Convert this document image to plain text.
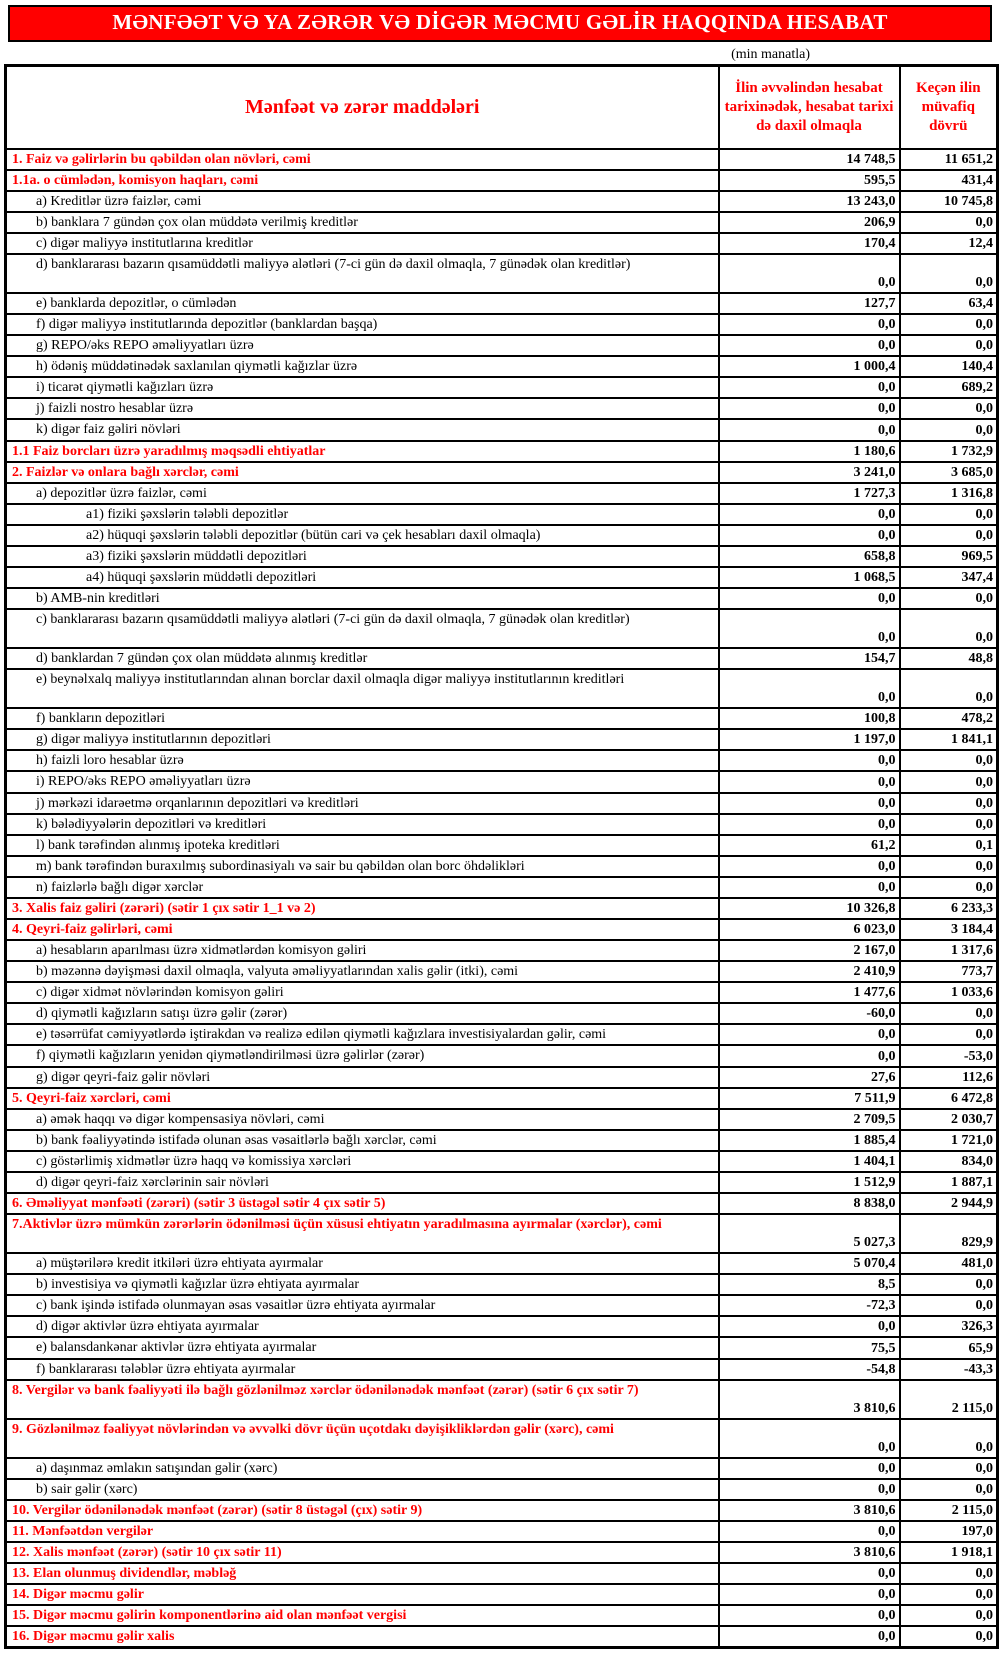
MƏNFƏƏT VƏ YA ZƏRƏR VƏ DİGƏR MƏCMU GƏLİR HAQQINDA HESABAT
(min manatla)
Mənfəət və zərər maddələri	İlin əvvəlindən hesabat tarixinədək, hesabat tarixi də daxil olmaqla	Keçən ilin müvafiq dövrü
1. Faiz və gəlirlərin bu qəbildən olan növləri, cəmi	14 748,5	11 651,2
1.1a. o cümlədən, komisyon haqları, cəmi	595,5	431,4
a) Kreditlər üzrə faizlər, cəmi	13 243,0	10 745,8
b) banklara 7 gündən çox olan müddətə verilmiş kreditlər	206,9	0,0
c) digər maliyyə institutlarına kreditlər	170,4	12,4
d) banklararası bazarın qısamüddətli maliyyə alətləri (7-ci gün də daxil olmaqla, 7 günədək olan kreditlər)	0,0	0,0
e) banklarda depozitlər, o cümlədən	127,7	63,4
f) digər maliyyə institutlarında depozitlər (banklardan başqa)	0,0	0,0
g) REPO/əks REPO əməliyyatları üzrə	0,0	0,0
h) ödəniş müddətinədək saxlanılan qiymətli kağızlar üzrə	1 000,4	140,4
i) ticarət qiymətli kağızları üzrə	0,0	689,2
j) faizli nostro hesablar üzrə	0,0	0,0
k) digər faiz gəliri növləri	0,0	0,0
1.1 Faiz borcları üzrə yaradılmış məqsədli ehtiyatlar	1 180,6	1 732,9
2. Faizlər və onlara bağlı xərclər, cəmi	3 241,0	3 685,0
a) depozitlər üzrə faizlər, cəmi	1 727,3	1 316,8
a1) fiziki şəxslərin tələbli depozitlər	0,0	0,0
a2) hüquqi şəxslərin tələbli depozitlər (bütün cari və çek hesabları daxil olmaqla)	0,0	0,0
a3) fiziki şəxslərin müddətli depozitləri	658,8	969,5
a4) hüquqi şəxslərin müddətli depozitləri	1 068,5	347,4
b) AMB-nin kreditləri	0,0	0,0
c) banklararası bazarın qısamüddətli maliyyə alətləri (7-ci gün də daxil olmaqla, 7 günədək olan kreditlər)	0,0	0,0
d) banklardan 7 gündən çox olan müddətə alınmış kreditlər	154,7	48,8
e) beynəlxalq maliyyə institutlarından alınan borclar daxil olmaqla digər maliyyə institutlarının kreditləri	0,0	0,0
f) bankların depozitləri	100,8	478,2
g) digər maliyyə institutlarının depozitləri	1 197,0	1 841,1
h) faizli loro hesablar üzrə	0,0	0,0
i) REPO/əks REPO əməliyyatları üzrə	0,0	0,0
j) mərkəzi idarəetmə orqanlarının depozitləri və kreditləri	0,0	0,0
k) bələdiyyələrin depozitləri və kreditləri	0,0	0,0
l) bank tərəfindən alınmış ipoteka kreditləri	61,2	0,1
m) bank tərəfindən buraxılmış subordinasiyalı və sair bu qəbildən olan borc öhdəlikləri	0,0	0,0
n) faizlərlə bağlı digər xərclər	0,0	0,0
3. Xalis faiz gəliri (zərəri) (sətir 1 çıx sətir 1_1 və 2)	10 326,8	6 233,3
4. Qeyri-faiz gəlirləri, cəmi	6 023,0	3 184,4
a) hesabların aparılması üzrə xidmətlərdən komisyon gəliri	2 167,0	1 317,6
b) məzənnə dəyişməsi daxil olmaqla, valyuta əməliyyatlarından xalis gəlir (itki), cəmi	2 410,9	773,7
c) digər xidmət növlərindən komisyon gəliri	1 477,6	1 033,6
d) qiymətli kağızların satışı üzrə gəlir (zərər)	-60,0	0,0
e) təsərrüfat cəmiyyətlərdə iştirakdan və realizə edilən qiymətli kağızlara investisiyalardan gəlir, cəmi	0,0	0,0
f) qiymətli kağızların yenidən qiymətləndirilməsi üzrə gəlirlər (zərər)	0,0	-53,0
g) digər qeyri-faiz gəlir növləri	27,6	112,6
5. Qeyri-faiz xərcləri, cəmi	7 511,9	6 472,8
a) əmək haqqı və digər kompensasiya növləri, cəmi	2 709,5	2 030,7
b) bank fəaliyyətində istifadə olunan əsas vəsaitlərlə bağlı xərclər, cəmi	1 885,4	1 721,0
c) göstərlimiş xidmətlər üzrə haqq və komissiya xərcləri	1 404,1	834,0
d) digər qeyri-faiz xərclərinin sair növləri	1 512,9	1 887,1
6. Əməliyyat mənfəəti (zərəri) (sətir 3 üstəgəl sətir 4 çıx sətir 5)	8 838,0	2 944,9
7.Aktivlər üzrə mümkün zərərlərin ödənilməsi üçün xüsusi ehtiyatın yaradılmasına ayırmalar (xərclər), cəmi	5 027,3	829,9
a) müştərilərə kredit itkiləri üzrə ehtiyata ayırmalar	5 070,4	481,0
b) investisiya və qiymətli kağızlar üzrə ehtiyata ayırmalar	8,5	0,0
c) bank işində istifadə olunmayan əsas vəsaitlər üzrə ehtiyata ayırmalar	-72,3	0,0
d) digər aktivlər üzrə ehtiyata ayırmalar	0,0	326,3
e) balansdankənar aktivlər üzrə ehtiyata ayırmalar	75,5	65,9
f) banklararası tələblər üzrə ehtiyata ayırmalar	-54,8	-43,3
8. Vergilər və bank fəaliyyəti ilə bağlı gözlənilməz xərclər ödənilənədək mənfəət (zərər) (sətir 6 çıx sətir 7)	3 810,6	2 115,0
9. Gözlənilməz fəaliyyət növlərindən və əvvəlki dövr üçün uçotdakı dəyişikliklərdən gəlir (xərc), cəmi	0,0	0,0
a) daşınmaz əmlakın satışından gəlir (xərc)	0,0	0,0
b) sair gəlir (xərc)	0,0	0,0
10. Vergilər ödənilənədək mənfəət (zərər) (sətir 8 üstəgəl (çıx) sətir 9)	3 810,6	2 115,0
11. Mənfəətdən vergilər	0,0	197,0
12. Xalis mənfəət (zərər) (sətir 10 çıx sətir 11)	3 810,6	1 918,1
13. Elan olunmuş dividendlər, məbləğ	0,0	0,0
14. Digər məcmu gəlir	0,0	0,0
15. Digər məcmu gəlirin komponentlərinə aid olan mənfəət vergisi	0,0	0,0
16. Digər məcmu gəlir xalis	0,0	0,0
